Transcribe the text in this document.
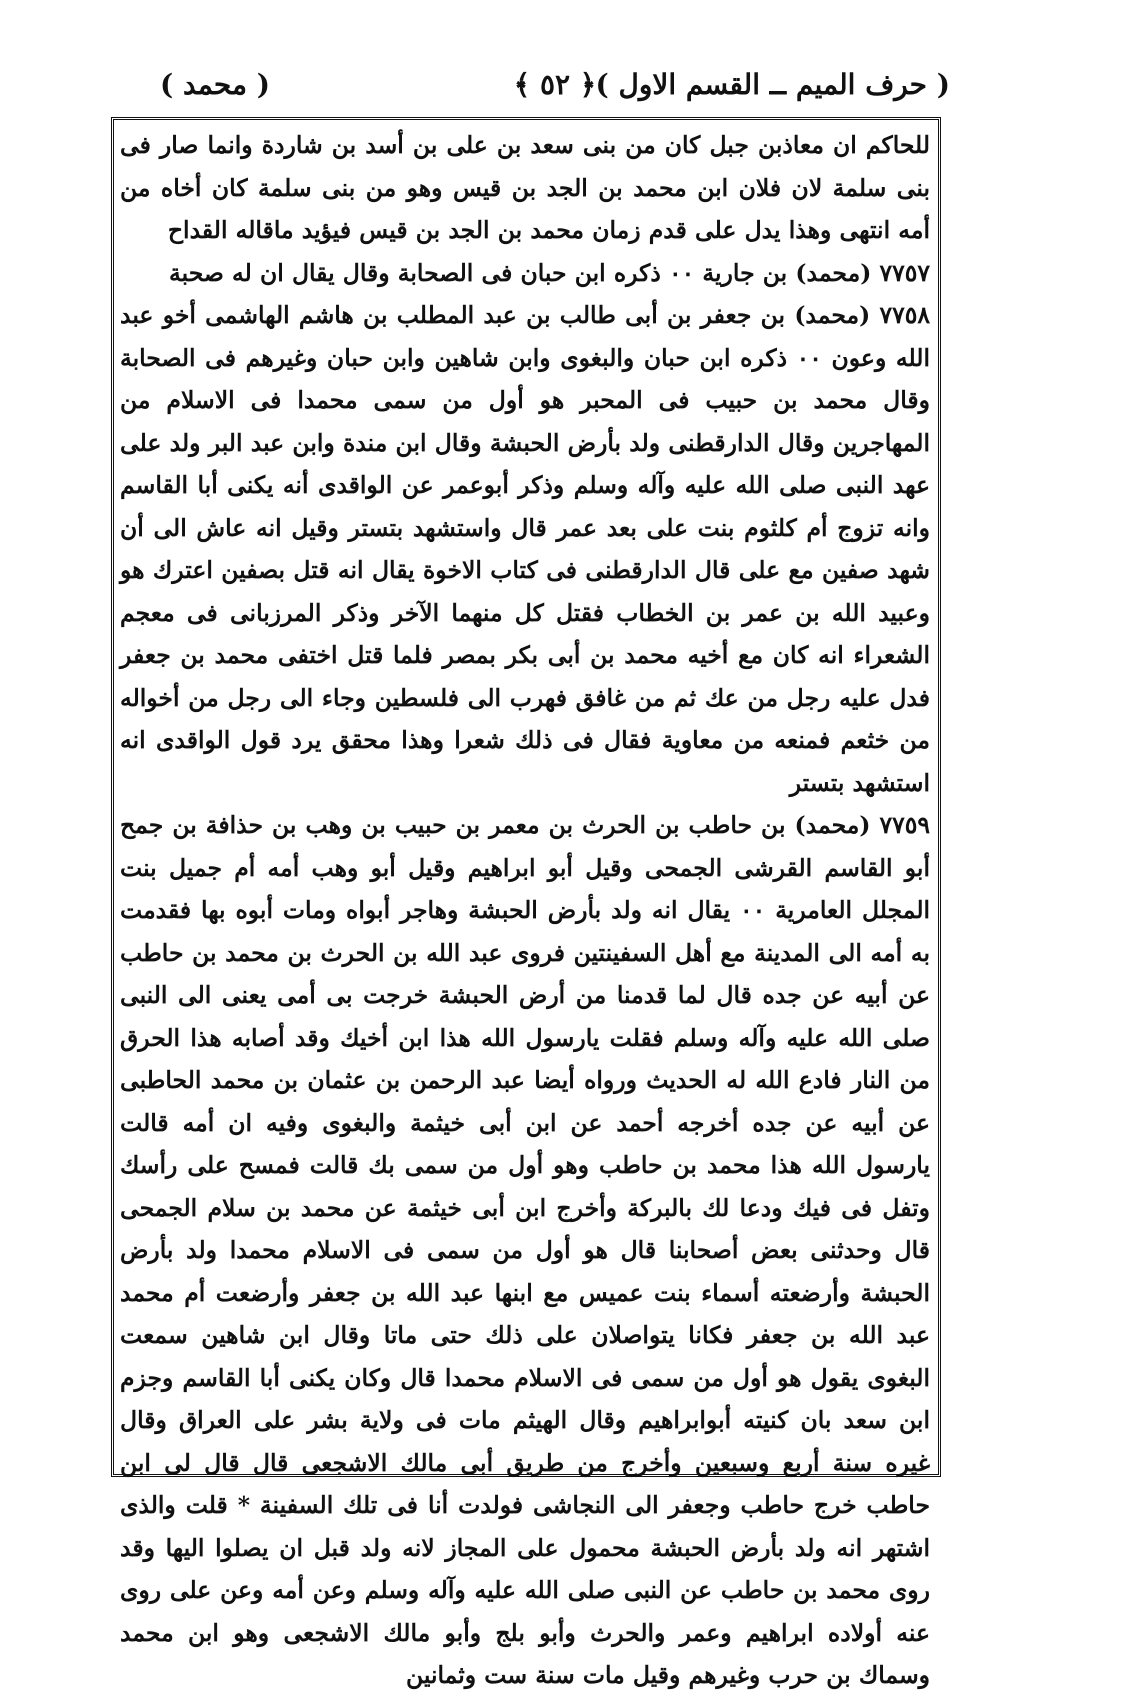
( حرف الميم ــ القسم الاول )
﴿ ٥٢ ﴾
( محمد )

للحاكم ان معاذبن جبل كان من بنى سعد بن على بن أسد بن شاردة وانما صار فى بنى سلمة لان فلان ابن محمد بن الجد بن قيس وهو من بنى سلمة كان أخاه من أمه انتهى وهذا يدل على قدم زمان محمد بن الجد بن قيس فيؤيد ماقاله القداح

٧٧٥٧ (محمد) بن جارية ٠٠ ذكره ابن حبان فى الصحابة وقال يقال ان له صحبة

٧٧٥٨ (محمد) بن جعفر بن أبى طالب بن عبد المطلب بن هاشم الهاشمى أخو عبد الله وعون ٠٠ ذكره ابن حبان والبغوى وابن شاهين وابن حبان وغيرهم فى الصحابة وقال محمد بن حبيب فى المحبر هو أول من سمى محمدا فى الاسلام من المهاجرين وقال الدارقطنى ولد بأرض الحبشة وقال ابن مندة وابن عبد البر ولد على عهد النبى صلى الله عليه وآله وسلم وذكر أبوعمر عن الواقدى أنه يكنى أبا القاسم وانه تزوج أم كلثوم بنت على بعد عمر قال واستشهد بتستر وقيل انه عاش الى أن شهد صفين مع على قال الدارقطنى فى كتاب الاخوة يقال انه قتل بصفين اعترك هو وعبيد الله بن عمر بن الخطاب فقتل كل منهما الآخر وذكر المرزبانى فى معجم الشعراء انه كان مع أخيه محمد بن أبى بكر بمصر فلما قتل اختفى محمد بن جعفر فدل عليه رجل من عك ثم من غافق فهرب الى فلسطين وجاء الى رجل من أخواله من خثعم فمنعه من معاوية فقال فى ذلك شعرا وهذا محقق يرد قول الواقدى انه استشهد بتستر

٧٧٥٩ (محمد) بن حاطب بن الحرث بن معمر بن حبيب بن وهب بن حذافة بن جمح أبو القاسم القرشى الجمحى وقيل أبو ابراهيم وقيل أبو وهب أمه أم جميل بنت المجلل العامرية ٠٠ يقال انه ولد بأرض الحبشة وهاجر أبواه ومات أبوه بها فقدمت به أمه الى المدينة مع أهل السفينتين فروى عبد الله بن الحرث بن محمد بن حاطب عن أبيه عن جده قال لما قدمنا من أرض الحبشة خرجت بى أمى يعنى الى النبى صلى الله عليه وآله وسلم فقلت يارسول الله هذا ابن أخيك وقد أصابه هذا الحرق من النار فادع الله له الحديث ورواه أيضا عبد الرحمن بن عثمان بن محمد الحاطبى عن أبيه عن جده أخرجه أحمد عن ابن أبى خيثمة والبغوى وفيه ان أمه قالت يارسول الله هذا محمد بن حاطب وهو أول من سمى بك قالت فمسح على رأسك وتفل فى فيك ودعا لك بالبركة وأخرج ابن أبى خيثمة عن محمد بن سلام الجمحى قال وحدثنى بعض أصحابنا قال هو أول من سمى فى الاسلام محمدا ولد بأرض الحبشة وأرضعته أسماء بنت عميس مع ابنها عبد الله بن جعفر وأرضعت أم محمد عبد الله بن جعفر فكانا يتواصلان على ذلك حتى ماتا وقال ابن شاهين سمعت البغوى يقول هو أول من سمى فى الاسلام محمدا قال وكان يكنى أبا القاسم وجزم ابن سعد بان كنيته أبوابراهيم وقال الهيثم مات فى ولاية بشر على العراق وقال غيره سنة أربع وسبعين وأخرج من طريق أبى مالك الاشجعى قال قال لى ابن حاطب خرج حاطب وجعفر الى النجاشى فولدت أنا فى تلك السفينة * قلت والذى اشتهر انه ولد بأرض الحبشة محمول على المجاز لانه ولد قبل ان يصلوا اليها وقد روى محمد بن حاطب عن النبى صلى الله عليه وآله وسلم وعن أمه وعن على روى عنه أولاده ابراهيم وعمر والحرث وأبو بلج وأبو مالك الاشجعى وهو ابن محمد وسماك بن حرب وغيرهم وقيل مات سنة ست وثمانين
